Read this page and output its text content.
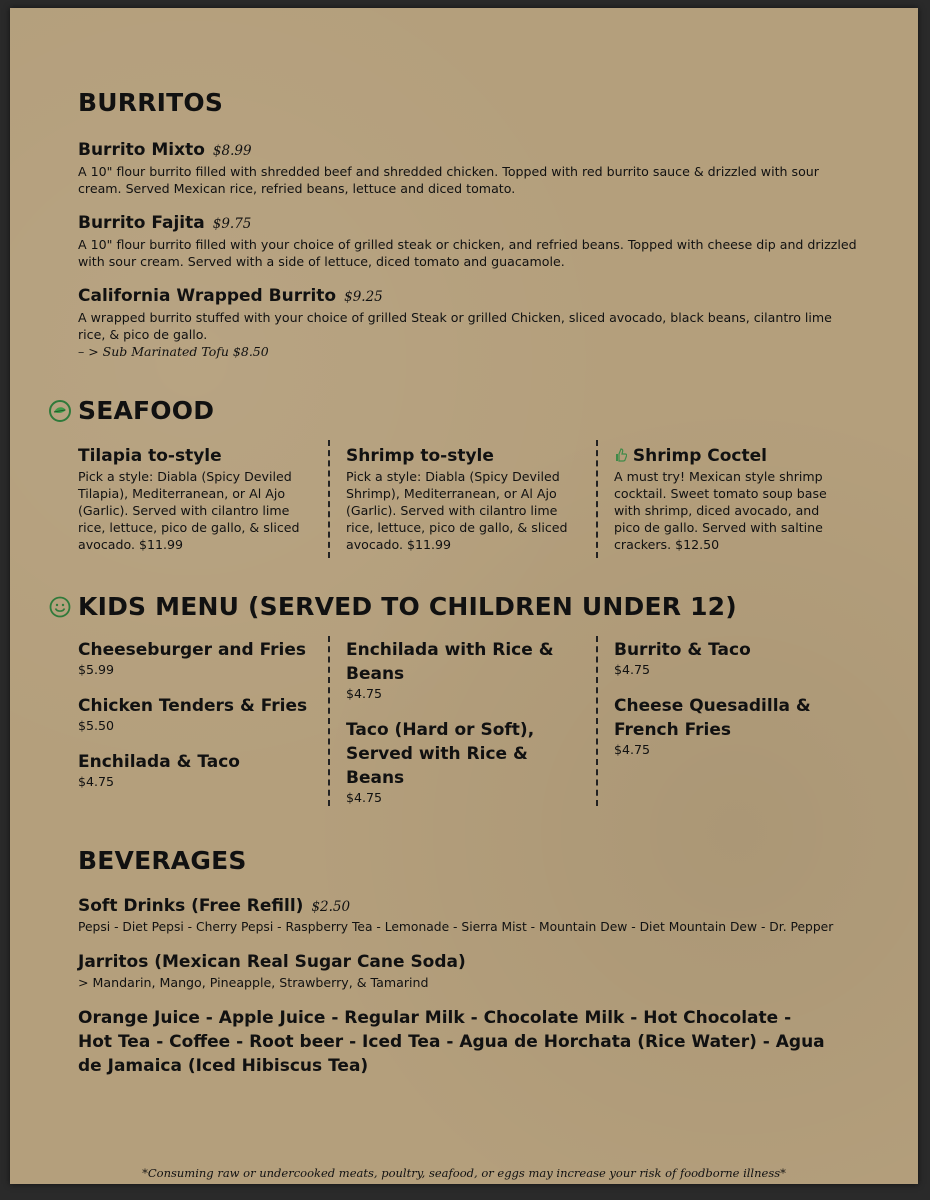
BURRITOS
Burrito Mixto $8.99
A 10" flour burrito filled with shredded beef and shredded chicken. Topped with red burrito sauce & drizzled with sour cream. Served Mexican rice, refried beans, lettuce and diced tomato.
Burrito Fajita $9.75
A 10" flour burrito filled with your choice of grilled steak or chicken, and refried beans. Topped with cheese dip and drizzled with sour cream. Served with a side of lettuce, diced tomato and guacamole.
California Wrapped Burrito $9.25
A wrapped burrito stuffed with your choice of grilled Steak or grilled Chicken, sliced avocado, black beans, cilantro lime rice, & pico de gallo.
– > Sub Marinated Tofu $8.50
SEAFOOD
Tilapia to-style
Pick a style: Diabla (Spicy Deviled Tilapia), Mediterranean, or Al Ajo (Garlic). Served with cilantro lime rice, lettuce, pico de gallo, & sliced avocado. $11.99
Shrimp to-style
Pick a style: Diabla (Spicy Deviled Shrimp), Mediterranean, or Al Ajo (Garlic). Served with cilantro lime rice, lettuce, pico de gallo, & sliced avocado. $11.99
Shrimp Coctel
A must try! Mexican style shrimp cocktail. Sweet tomato soup base with shrimp, diced avocado, and pico de gallo. Served with saltine crackers. $12.50
KIDS MENU (SERVED TO CHILDREN UNDER 12)
Cheeseburger and Fries
$5.99
Chicken Tenders & Fries
$5.50
Enchilada & Taco
$4.75
Enchilada with Rice & Beans
$4.75
Taco (Hard or Soft), Served with Rice & Beans
$4.75
Burrito & Taco
$4.75
Cheese Quesadilla & French Fries
$4.75
BEVERAGES
Soft Drinks (Free Refill) $2.50
Pepsi - Diet Pepsi - Cherry Pepsi - Raspberry Tea - Lemonade - Sierra Mist - Mountain Dew - Diet Mountain Dew - Dr. Pepper
Jarritos (Mexican Real Sugar Cane Soda)
> Mandarin, Mango, Pineapple, Strawberry, & Tamarind
Orange Juice - Apple Juice - Regular Milk - Chocolate Milk - Hot Chocolate - Hot Tea - Coffee - Root beer - Iced Tea - Agua de Horchata (Rice Water) - Agua de Jamaica (Iced Hibiscus Tea)
*Consuming raw or undercooked meats, poultry, seafood, or eggs may increase your risk of foodborne illness*
